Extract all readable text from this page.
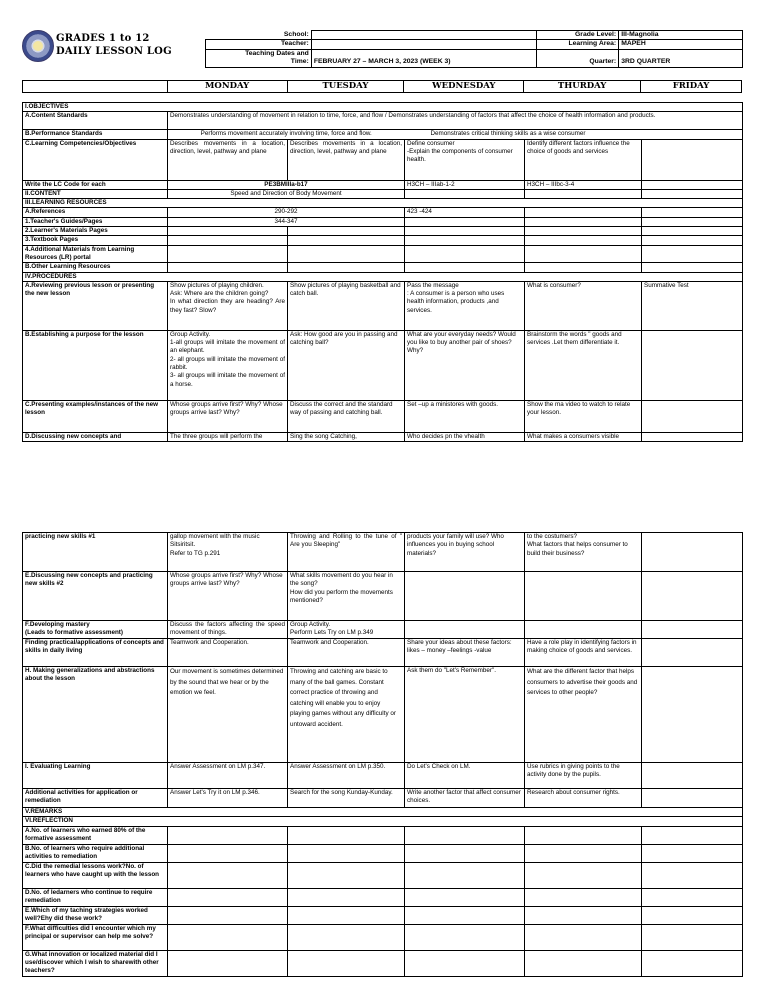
GRADES 1 to 12
DAILY LESSON LOG
School:		Grade Level:	III-Magnolia
Teacher:		Learning Area:	MAPEH

Teaching Dates and
Time:	FEBRUARY 27 – MARCH 3, 2023 (WEEK 3)	Quarter:	3RD QUARTER
	MONDAY	TUESDAY	WEDNESDAY	THURDAY	FRIDAY
I.OBJECTIVES					
A.Content Standards	Demonstrates understanding of movement in relation to time, force, and flow / Demonstrates understanding of factors that affect the choice of health information and products.				
B.Performance Standards	Performs movement accurately involving time, force and flow.		Demonstrates critical thinking skills as a wise consumer		
C.Learning Competencies/Objectives	Describes movements in a location, direction, level, pathway and plane	Describes movements in a location, direction, level, pathway and plane	Define consumer
-Explain the components of consumer health.	Identify different factors influence the choice of goods and services	
Write the LC Code for each	PE3BMIIIa-b17		H3CH – IIIab-1-2	H3CH – IIIbc-3-4	
II.CONTENT	Speed and Direction of Body Movement				
III.LEARNING RESOURCES					
A.References	290-292		423 -424		
1.Teacher's Guides/Pages	344-347				
2.Learner's Materials Pages					
3.Textbook Pages					
4.Additional Materials from Learning Resources (LR) portal					
B.Other Learning Resources					
IV.PROCEDURES					
A.Reviewing previous lesson or presenting the new lesson	Show pictures of playing children.
Ask: Where are the children going?
In what direction they are heading? Are they fast? Slow?	Show pictures of playing basketball and catch ball.	Pass the message
: A consumer is a person who uses health information, products ,and services.	What is consumer?	Summative Test
B.Establishing a purpose for the lesson	Group Activity.
1-all groups will imitate the movement of an elephant.
2- all groups will imitate the movement of rabbit.
3- all groups will imitate the movement of a horse.	Ask: How good are you in passing and catching ball?	What are your everyday needs? Would you like to buy another pair of shoes? Why?	Brainstorm the words " goods and services .Let them differentiate it.	
C.Presenting examples/instances of the new lesson	Whose groups arrive first? Why? Whose groups arrive last? Why?	Discuss the correct and the standard way of passing and catching ball.	Set –up a ministores with goods.	Show the ma video to watch to relate your lesson.	
D.Discussing new concepts and	The three groups will perform the	Sing the song Catching,	Who decides pn the vhealth	What makes a consumers visible	
practicing new skills #1	gallop movement with the music Sitsiritsit.
Refer to TG p.291	Throwing and Rolling to the tune of " Are you Sleeping"	products your family will use? Who influences you in buying school materials?	to the costumers?
What factors that helps consumer to build their business?	
E.Discussing new concepts and practicing new skills #2	Whose groups arrive first? Why? Whose groups arrive last? Why?	What skills movement do you hear in the song?
How did you perform the movements mentioned?			
F.Developing mastery
(Leads to formative assessment)	Discuss the factors affecting the speed movement of things.	Group Activity.
Perform Lets Try on LM p.349			
Finding practical/applications of concepts and skills in daily living	Teamwork and Cooperation.	Teamwork and Cooperation.	Share your ideas about these factors: likes – money –feelings -value	Have a role play in identifying factors in making choice of goods and services.	
H. Making generalizations and abstractions about the lesson	Our movement is sometimes determined by the sound that we hear or by the emotion we feel.	Throwing and catching are basic to many of the ball games. Constant correct practice of throwing and catching will enable you to enjoy playing games without any difficulty or untoward accident.	Ask them do "Let's Remember".	What are the different factor that helps consumers to advertise their goods and services to other people?	
I. Evaluating Learning	Answer Assessment on LM p.347.	Answer Assessment on LM p.350.	Do Let's Check on LM.	Use rubrics in giving points to the activity done by the pupils.	
Additional activities for application or remediation	Answer Let's Try it on LM p.346.	Search for the song Kunday-Kunday.	Write another factor that affect consumer choices.	Research about consumer rights.	
V.REMARKS					
VI.REFLECTION					
A.No. of learners who earned 80% of the formative assessment					
B.No. of learners who require additional activities to remediation					
C.Did the remedial lessons work?No. of learners who have caught up with the lesson					
D.No. of ledarners who continue to require remediation					
E.Which of my taching strategies worked well?Ehy did these work?					
F.What difficulties did I encounter which my principal or supervisor can help me solve?					
G.What innovation or localized material did I use/discover which I wish to sharewith other teachers?					
